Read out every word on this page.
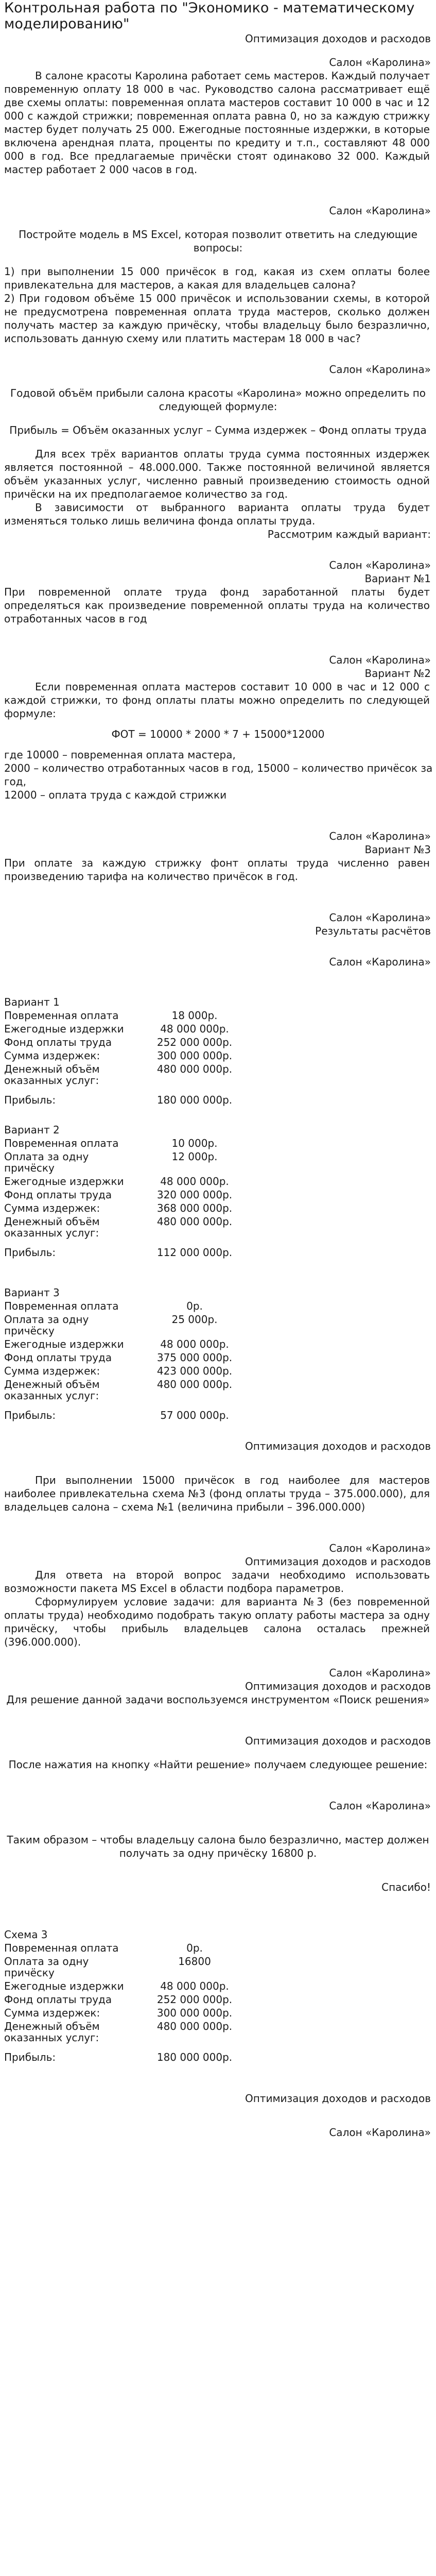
Контрольная работа по "Экономико - математическому моделированию"

Оптимизация доходов и расходов

Салон «Каролина»

В салоне красоты Каролина работает семь мастеров. Каждый получает повременную оплату 18 000 в час. Руководство салона рассматривает ещё две схемы оплаты: повременная оплата мастеров составит 10 000 в час и 12 000 с каждой стрижки; повременная оплата равна 0, но за каждую стрижку мастер будет получать 25 000. Ежегодные постоянные издержки, в которые включена арендная плата, проценты по кредиту и т.п., составляют 48 000 000 в год. Все предлагаемые причёски стоят одинаково 32 000. Каждый мастер работает 2 000 часов в год.

Салон «Каролина»

Постройте модель в MS Excel, которая позволит ответить на следующие вопросы:

1) при выполнении 15 000 причёсок в год, какая из схем оплаты более привлекательна для мастеров, а какая для владельцев салона?

2) При годовом объёме 15 000 причёсок и использовании схемы, в которой не предусмотрена повременная оплата труда мастеров, сколько должен получать мастер за каждую причёску, чтобы владельцу было безразлично, использовать данную схему или платить мастерам 18 000 в час?

Салон «Каролина»

Годовой объём прибыли салона красоты «Каролина» можно определить по следующей формуле:

Прибыль = Объём оказанных услуг – Сумма издержек – Фонд оплаты труда

Для всех трёх вариантов оплаты труда сумма постоянных издержек является постоянной – 48.000.000. Также постоянной величиной является объём указанных услуг, численно равный произведению стоимость одной причёски на их предполагаемое количество за год.

В зависимости от выбранного варианта оплаты труда будет изменяться только лишь величина фонда оплаты труда.

Рассмотрим каждый вариант:

Салон «Каролина»

Вариант №1

При повременной оплате труда фонд заработанной платы будет определяться как произведение повременной оплаты труда на количество отработанных часов в год

Салон «Каролина»

Вариант №2

Если повременная оплата мастеров составит 10 000 в час и 12 000 с каждой стрижки, то фонд оплаты платы можно определить по следующей формуле:

ФОТ = 10000 * 2000 * 7 + 15000*12000

где 10000 – повременная оплата мастера,

2000 – количество отработанных часов в год, 15000 – количество причёсок за год,

12000 – оплата труда с каждой стрижки

Салон «Каролина»

Вариант №3

При оплате за каждую стрижку фонт оплаты труда численно равен произведению тарифа на количество причёсок в год.

Салон «Каролина»

Результаты расчётов

Салон «Каролина»

Вариант 1
Повременная оплата	18 000р.
Ежегодные издержки	48 000 000р.
Фонд оплаты труда	252 000 000р.
Сумма издержек:	300 000 000р.
Денежный объём оказанных услуг:	480 000 000р.
Прибыль:	180 000 000р.
Вариант 2
Повременная оплата	10 000р.
Оплата за одну причёску	12 000р.
Ежегодные издержки	48 000 000р.
Фонд оплаты труда	320 000 000р.
Сумма издержек:	368 000 000р.
Денежный объём оказанных услуг:	480 000 000р.
Прибыль:	112 000 000р.
Вариант 3
Повременная оплата	0р.
Оплата за одну причёску	25 000р.
Ежегодные издержки	48 000 000р.
Фонд оплаты труда	375 000 000р.
Сумма издержек:	423 000 000р.
Денежный объём оказанных услуг:	480 000 000р.
Прибыль:	57 000 000р.

Оптимизация доходов и расходов

При выполнении 15000 причёсок в год наиболее для мастеров наиболее привлекательна схема №3 (фонд оплаты труда – 375.000.000), для владельцев салона – схема №1 (величина прибыли – 396.000.000)

Салон «Каролина»

Оптимизация доходов и расходов

Для ответа на второй вопрос задачи необходимо использовать возможности пакета MS Excel в области подбора параметров.

Сформулируем условие задачи: для варианта №3 (без повременной оплаты труда) необходимо подобрать такую оплату работы мастера за одну причёску, чтобы прибыль владельцев салона осталась прежней (396.000.000).

Салон «Каролина»

Оптимизация доходов и расходов

Для решение данной задачи воспользуемся инструментом «Поиск решения»

Оптимизация доходов и расходов

После нажатия на кнопку «Найти решение» получаем следующее решение:

Салон «Каролина»

Таким образом – чтобы владельцу салона было безразлично, мастер должен получать за одну причёску 16800 р.

Спасибо!

Схема 3
Повременная оплата	0р.
Оплата за одну причёску	16800
Ежегодные издержки	48 000 000р.
Фонд оплаты труда	252 000 000р.
Сумма издержек:	300 000 000р.
Денежный объём оказанных услуг:	480 000 000р.
Прибыль:	180 000 000р.

Оптимизация доходов и расходов

Салон «Каролина»
